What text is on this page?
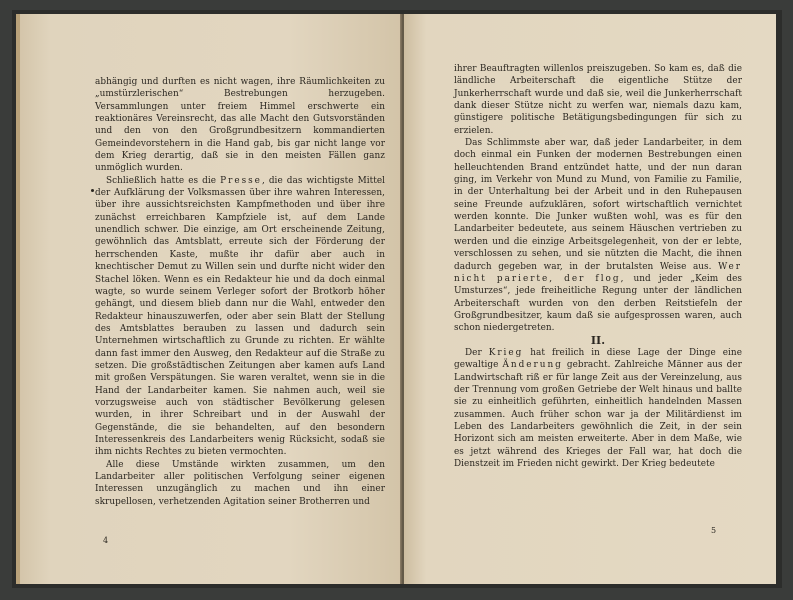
abhängig und durften es nicht wagen, ihre Räumlichkeiten zu „umstürzlerischen“ Bestrebungen herzugeben. Versammlungen unter freiem Himmel erschwerte ein reaktionäres Vereinsrecht, das alle Macht den Gutsvorständen und den von den Großgrundbesitzern kommandierten Gemeindevorstehern in die Hand gab, bis gar nicht lange vor dem Krieg derartig, daß sie in den meisten Fällen ganz unmöglich wurden.

Schließlich hatte es die Presse, die das wichtigste Mittel der Aufklärung der Volksmassen über ihre wahren Interessen, über ihre aussichtsreichsten Kampfmethoden und über ihre zunächst erreichbaren Kampfziele ist, auf dem Lande unendlich schwer. Die einzige, am Ort erscheinende Zeitung, gewöhnlich das Amtsblatt, erreute sich der Förderung der herrschenden Kaste, mußte ihr dafür aber auch in knechtischer Demut zu Willen sein und durfte nicht wider den Stachel löken. Wenn es ein Redakteur hie und da doch einmal wagte, so wurde seinem Verleger sofort der Brotkorb höher gehängt, und diesem blieb dann nur die Wahl, entweder den Redakteur hinauszuwerfen, oder aber sein Blatt der Stellung des Amtsblattes berauben zu lassen und dadurch sein Unternehmen wirtschaftlich zu Grunde zu richten. Er wählte dann fast immer den Ausweg, den Redakteur auf die Straße zu setzen. Die großstädtischen Zeitungen aber kamen aufs Land mit großen Verspätungen. Sie waren veraltet, wenn sie in die Hand der Landarbeiter kamen. Sie nahmen auch, weil sie vorzugsweise auch von städtischer Bevölkerung gelesen wurden, in ihrer Schreibart und in der Auswahl der Gegenstände, die sie behandelten, auf den besondern Interessenkreis des Landarbeiters wenig Rücksicht, sodaß sie ihm nichts Rechtes zu bieten vermochten.

Alle diese Umstände wirkten zusammen, um den Landarbeiter aller politischen Verfolgung seiner eigenen Interessen unzugänglich zu machen und ihn einer skrupellosen, verhetzenden Agitation seiner Brotherren und

4

ihrer Beauftragten willenlos preiszugeben. So kam es, daß die ländliche Arbeiterschaft die eigentliche Stütze der Junkerherrschaft wurde und daß sie, weil die Junkerherrschaft dank dieser Stütze nicht zu werfen war, niemals dazu kam, günstigere politische Betätigungsbedingungen für sich zu erzielen.

Das Schlimmste aber war, daß jeder Landarbeiter, in dem doch einmal ein Funken der modernen Bestrebungen einen helleuchtenden Brand entzündet hatte, und der nun daran ging, im Verkehr von Mund zu Mund, von Familie zu Familie, in der Unterhaltung bei der Arbeit und in den Ruhepausen seine Freunde aufzuklären, sofort wirtschaftlich vernichtet werden konnte. Die Junker wußten wohl, was es für den Landarbeiter bedeutete, aus seinem Häuschen vertrieben zu werden und die einzige Arbeitsgelegenheit, von der er lebte, verschlossen zu sehen, und sie nützten die Macht, die ihnen dadurch gegeben war, in der brutalsten Weise aus. Wer nicht parierte, der flog, und jeder „Keim des Umsturzes“, jede freiheitliche Regung unter der ländlichen Arbeiterschaft wurden von den derben Reitstiefeln der Großgrundbesitzer, kaum daß sie aufgesprossen waren, auch schon niedergetreten.

II.

Der Krieg hat freilich in diese Lage der Dinge eine gewaltige Änderung gebracht. Zahlreiche Männer aus der Landwirtschaft riß er für lange Zeit aus der Vereinzelung, aus der Trennung vom großen Getriebe der Welt hinaus und ballte sie zu einheitlich geführten, einheitlich handelnden Massen zusammen. Auch früher schon war ja der Militärdienst im Leben des Landarbeiters gewöhnlich die Zeit, in der sein Horizont sich am meisten erweiterte. Aber in dem Maße, wie es jetzt während des Krieges der Fall war, hat doch die Dienstzeit im Frieden nicht gewirkt. Der Krieg bedeutete

5
